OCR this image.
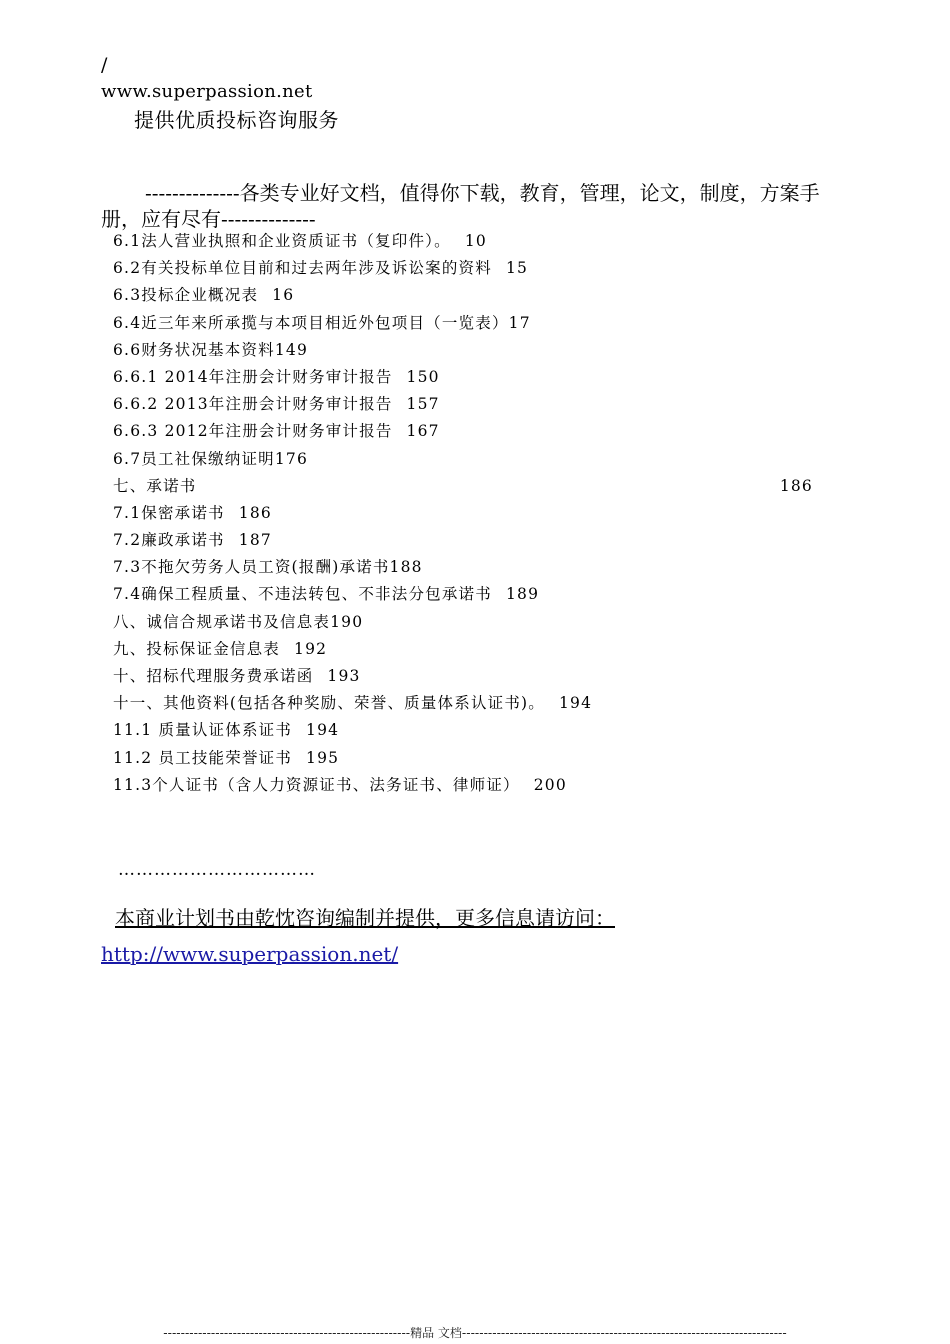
/
www.superpassion.net
提供优质投标咨询服务
--------------各类专业好文档，值得你下载，教育，管理，论文，制度，方案手册，应有尽有--------------
6.1法人营业执照和企业资质证书（复印件）。 10
6.2有关投标单位目前和过去两年涉及诉讼案的资料 15
6.3投标企业概况表 16
6.4近三年来所承揽与本项目相近外包项目（一览表）17
6.6财务状况基本资料149
6.6.1 2014年注册会计财务审计报告 150
6.6.2 2013年注册会计财务审计报告 157
6.6.3 2012年注册会计财务审计报告 167
6.7员工社保缴纳证明176
七、承诺书	186
7.1保密承诺书 186
7.2廉政承诺书 187
7.3不拖欠劳务人员工资(报酬)承诺书188
7.4确保工程质量、不违法转包、不非法分包承诺书 189
八、诚信合规承诺书及信息表190
九、投标保证金信息表 192
十、招标代理服务费承诺函 193
十一、其他资料(包括各种奖励、荣誉、质量体系认证书)。 194
11.1 质量认证体系证书 194
11.2 员工技能荣誉证书 195
11.3个人证书（含人力资源证书、法务证书、律师证） 200
……………………………
本商业计划书由乾忱咨询编制并提供，更多信息请访问： http://www.superpassion.net/
---------------------------------------------------------精品 文档---------------------------------------------------------------------------
